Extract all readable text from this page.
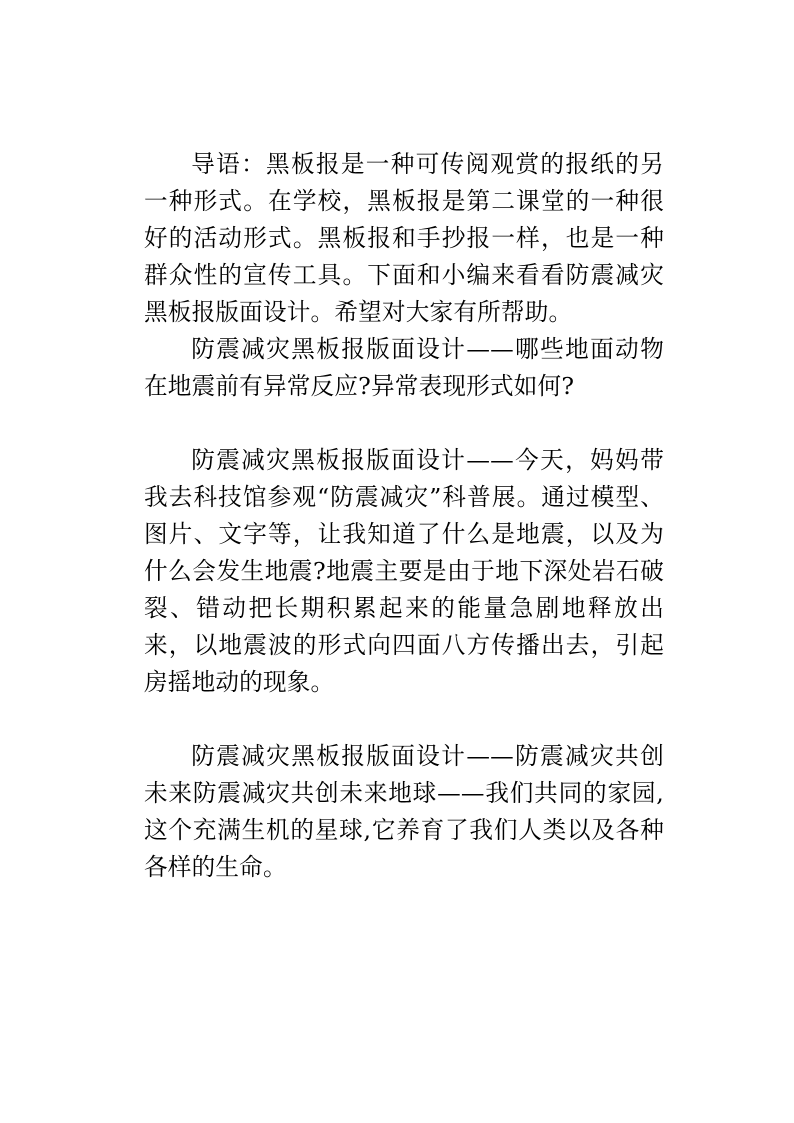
导语：黑板报是一种可传阅观赏的报纸的另一种形式。在学校，黑板报是第二课堂的一种很好的活动形式。黑板报和手抄报一样，也是一种群众性的宣传工具。下面和小编来看看防震减灾黑板报版面设计。希望对大家有所帮助。

防震减灾黑板报版面设计——哪些地面动物在地震前有异常反应?异常表现形式如何?

防震减灾黑板报版面设计——今天，妈妈带我去科技馆参观“防震减灾”科普展。通过模型、图片、文字等，让我知道了什么是地震，以及为什么会发生地震?地震主要是由于地下深处岩石破裂、错动把长期积累起来的能量急剧地释放出来，以地震波的形式向四面八方传播出去，引起房摇地动的现象。

防震减灾黑板报版面设计——防震减灾共创未来防震减灾共创未来地球——我们共同的家园,这个充满生机的星球,它养育了我们人类以及各种各样的生命。
